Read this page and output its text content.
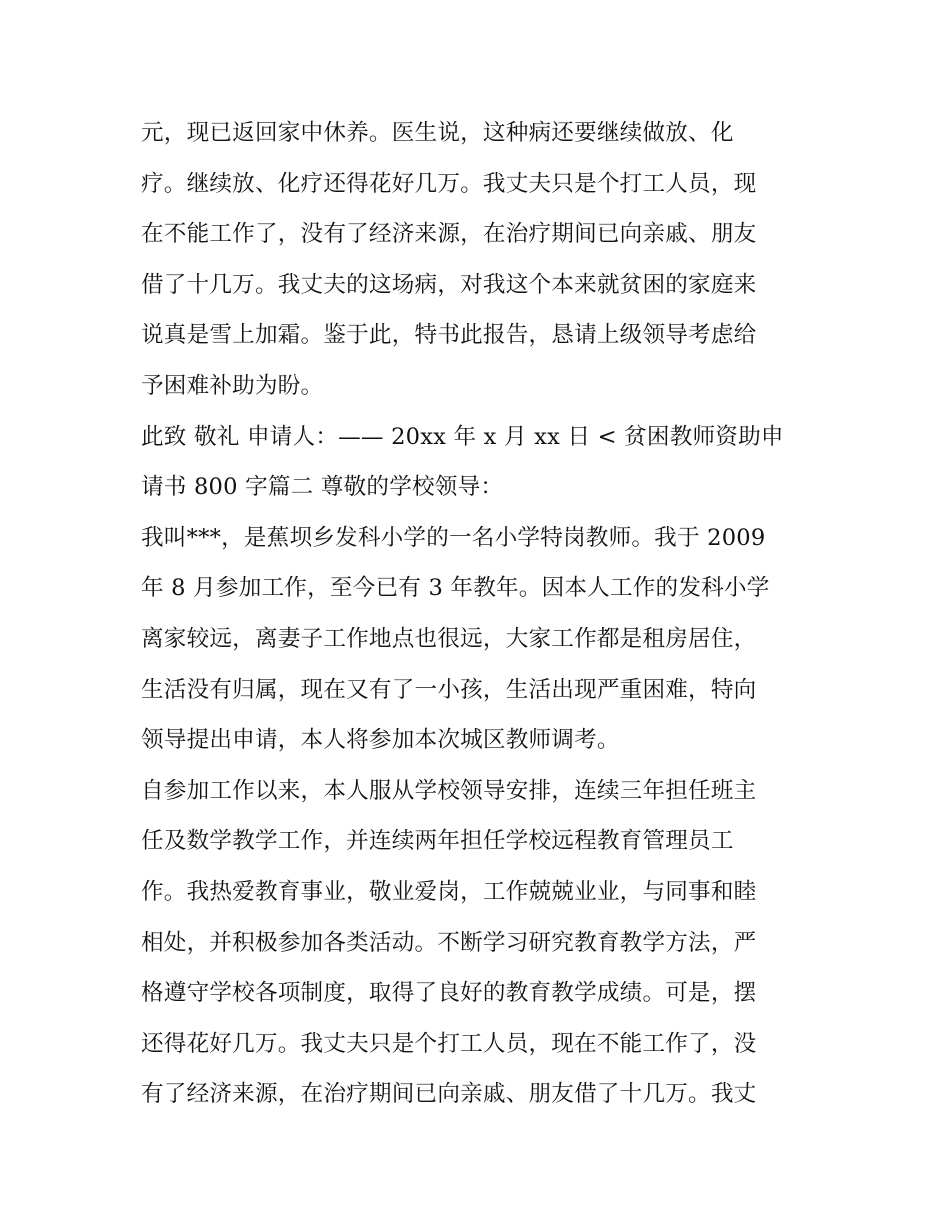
元，现已返回家中休养。医生说，这种病还要继续做放、化
疗。继续放、化疗还得花好几万。我丈夫只是个打工人员，现
在不能工作了，没有了经济来源，在治疗期间已向亲戚、朋友
借了十几万。我丈夫的这场病，对我这个本来就贫困的家庭来
说真是雪上加霜。鉴于此，特书此报告，恳请上级领导考虑给
予困难补助为盼。
此致 敬礼 申请人：—— 20xx 年 x 月 xx 日 < 贫困教师资助申
请书 800 字篇二 尊敬的学校领导：
我叫***，是蕉坝乡发科小学的一名小学特岗教师。我于 2009
年 8 月参加工作，至今已有 3 年教年。因本人工作的发科小学
离家较远，离妻子工作地点也很远，大家工作都是租房居住，
生活没有归属，现在又有了一小孩，生活出现严重困难，特向
领导提出申请，本人将参加本次城区教师调考。
自参加工作以来，本人服从学校领导安排，连续三年担任班主
任及数学教学工作，并连续两年担任学校远程教育管理员工
作。我热爱教育事业，敬业爱岗，工作兢兢业业，与同事和睦
相处，并积极参加各类活动。不断学习研究教育教学方法，严
格遵守学校各项制度，取得了良好的教育教学成绩。可是，摆
还得花好几万。我丈夫只是个打工人员，现在不能工作了，没
有了经济来源，在治疗期间已向亲戚、朋友借了十几万。我丈
